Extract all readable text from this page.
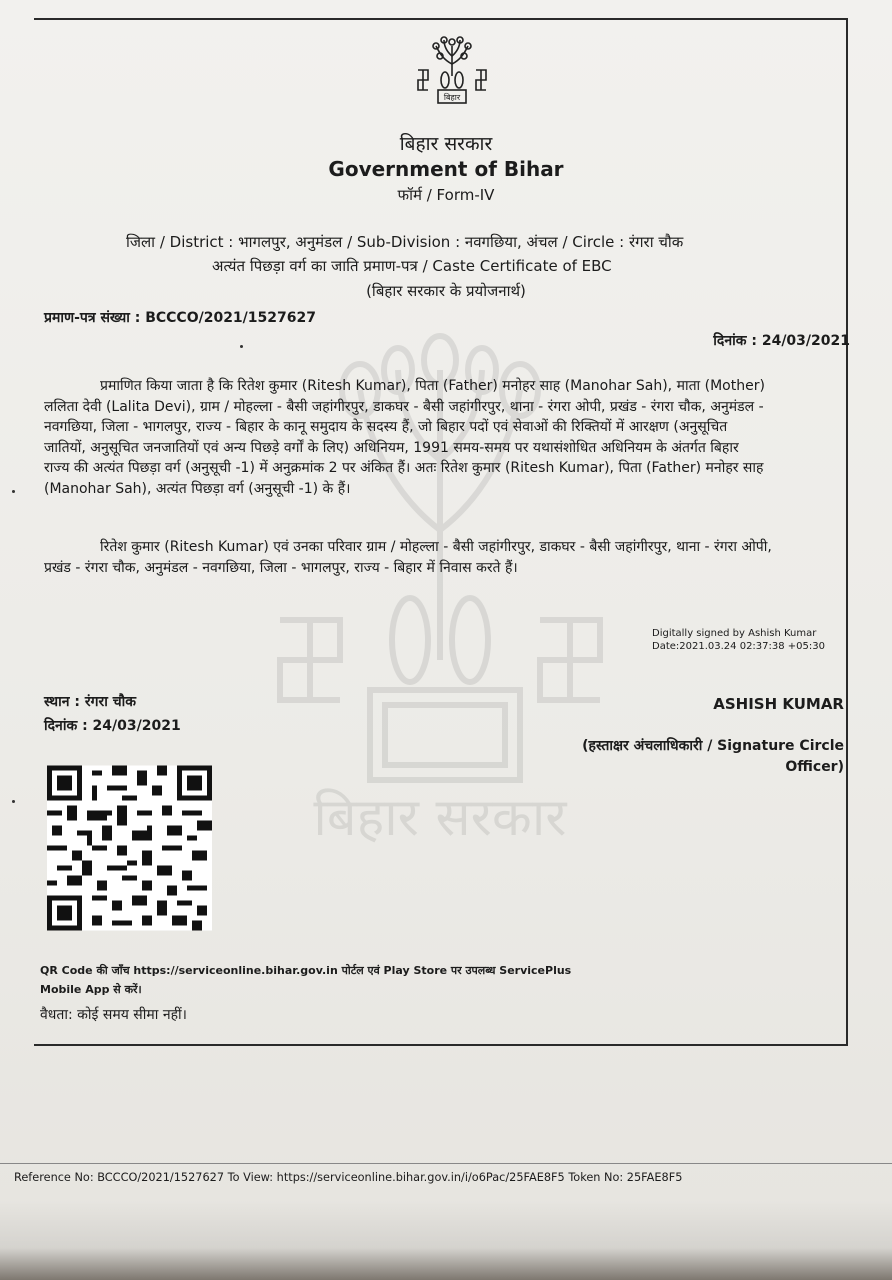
बिहार
बिहार सरकार
बिहार सरकार
Government of Bihar
फॉर्म / Form-IV
जिला / District : भागलपुर, अनुमंडल / Sub-Division : नवगछिया, अंचल / Circle : रंगरा चौक
अत्यंत पिछड़ा वर्ग का जाति प्रमाण-पत्र / Caste Certificate of EBC
(बिहार सरकार के प्रयोजनार्थ)
प्रमाण-पत्र संख्या : BCCCO/2021/1527627
दिनांक : 24/03/2021
प्रमाणित किया जाता है कि रितेश कुमार (Ritesh Kumar), पिता (Father) मनोहर साह (Manohar Sah), माता (Mother)
ललिता देवी (Lalita Devi), ग्राम / मोहल्ला - बैसी जहांगीरपुर, डाकघर - बैसी जहांगीरपुर, थाना - रंगरा ओपी, प्रखंड - रंगरा चौक, अनुमंडल -
नवगछिया, जिला - भागलपुर, राज्य - बिहार के कानू समुदाय के सदस्य हैं, जो बिहार पदों एवं सेवाओं की रिक्तियों में आरक्षण (अनुसूचित
जातियों, अनुसूचित जनजातियों एवं अन्य पिछड़े वर्गों के लिए) अधिनियम, 1991 समय-समय पर यथासंशोधित अधिनियम के अंतर्गत बिहार
राज्य की अत्यंत पिछड़ा वर्ग (अनुसूची -1) में अनुक्रमांक 2 पर अंकित हैं। अतः रितेश कुमार (Ritesh Kumar), पिता (Father) मनोहर साह
(Manohar Sah), अत्यंत पिछड़ा वर्ग (अनुसूची -1) के हैं।
रितेश कुमार (Ritesh Kumar) एवं उनका परिवार ग्राम / मोहल्ला - बैसी जहांगीरपुर, डाकघर - बैसी जहांगीरपुर, थाना - रंगरा ओपी,
प्रखंड - रंगरा चौक, अनुमंडल - नवगछिया, जिला - भागलपुर, राज्य - बिहार में निवास करते हैं।
Digitally signed by Ashish Kumar
Date:2021.03.24 02:37:38 +05:30
स्थान : रंगरा चौक
दिनांक : 24/03/2021
ASHISH KUMAR
(हस्ताक्षर अंचलाधिकारी / Signature Circle
Officer)
QR Code की जाँच https://serviceonline.bihar.gov.in पोर्टल एवं Play Store पर उपलब्ध ServicePlus
Mobile App से करें।
वैधता: कोई समय सीमा नहीं।
Reference No: BCCCO/2021/1527627 To View: https://serviceonline.bihar.gov.in/i/o6Pac/25FAE8F5 Token No: 25FAE8F5
